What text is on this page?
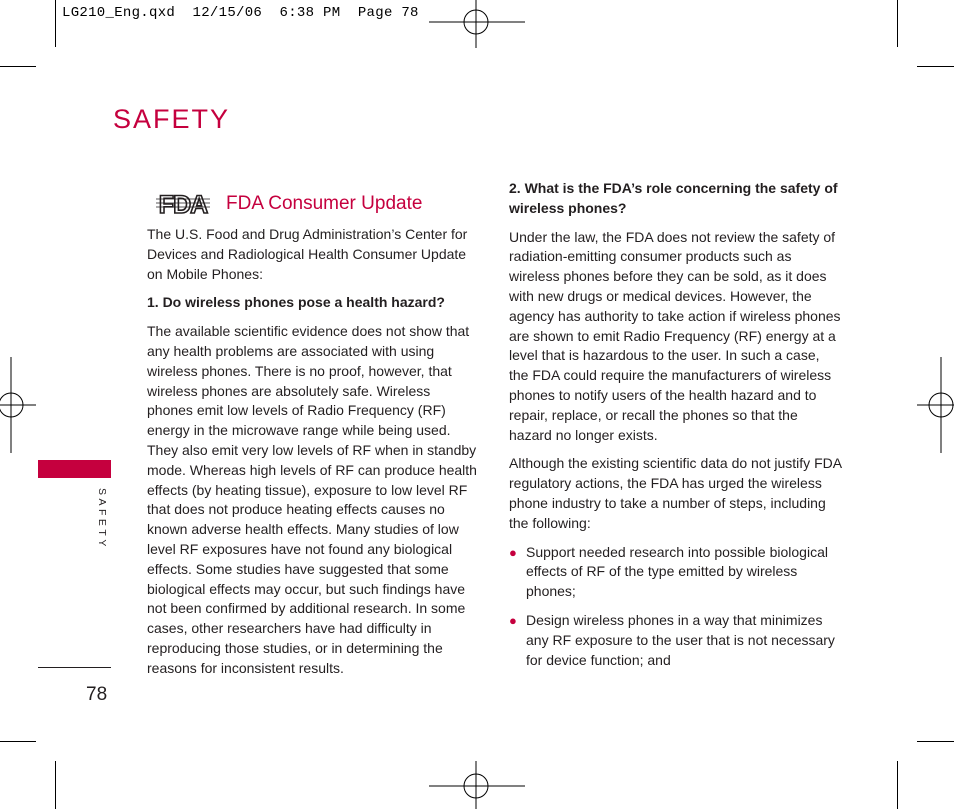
LG210_Eng.qxd  12/15/06  6:38 PM  Page 78
SAFETY
SAFETY
78
FDA FDA Consumer Update

The U.S. Food and Drug Administration’s Center for Devices and Radiological Health Consumer Update on Mobile Phones:

1. Do wireless phones pose a health hazard?

The available scientific evidence does not show that any health problems are associated with using wireless phones. There is no proof, however, that wireless phones are absolutely safe. Wireless phones emit low levels of Radio Frequency (RF) energy in the microwave range while being used. They also emit very low levels of RF when in standby mode. Whereas high levels of RF can produce health effects (by heating tissue), exposure to low level RF that does not produce heating effects causes no known adverse health effects. Many studies of low level RF exposures have not found any biological effects. Some studies have suggested that some biological effects may occur, but such findings have not been confirmed by additional research. In some cases, other researchers have had difficulty in reproducing those studies, or in determining the reasons for inconsistent results.

2. What is the FDA’s role concerning the safety of wireless phones?

Under the law, the FDA does not review the safety of radiation-emitting consumer products such as wireless phones before they can be sold, as it does with new drugs or medical devices. However, the agency has authority to take action if wireless phones are shown to emit Radio Frequency (RF) energy at a level that is hazardous to the user. In such a case, the FDA could require the manufacturers of wireless phones to notify users of the health hazard and to repair, replace, or recall the phones so that the hazard no longer exists.

Although the existing scientific data do not justify FDA regulatory actions, the FDA has urged the wireless phone industry to take a number of steps, including the following:

● Support needed research into possible biological effects of RF of the type emitted by wireless phones;
● Design wireless phones in a way that minimizes any RF exposure to the user that is not necessary for device function; and
